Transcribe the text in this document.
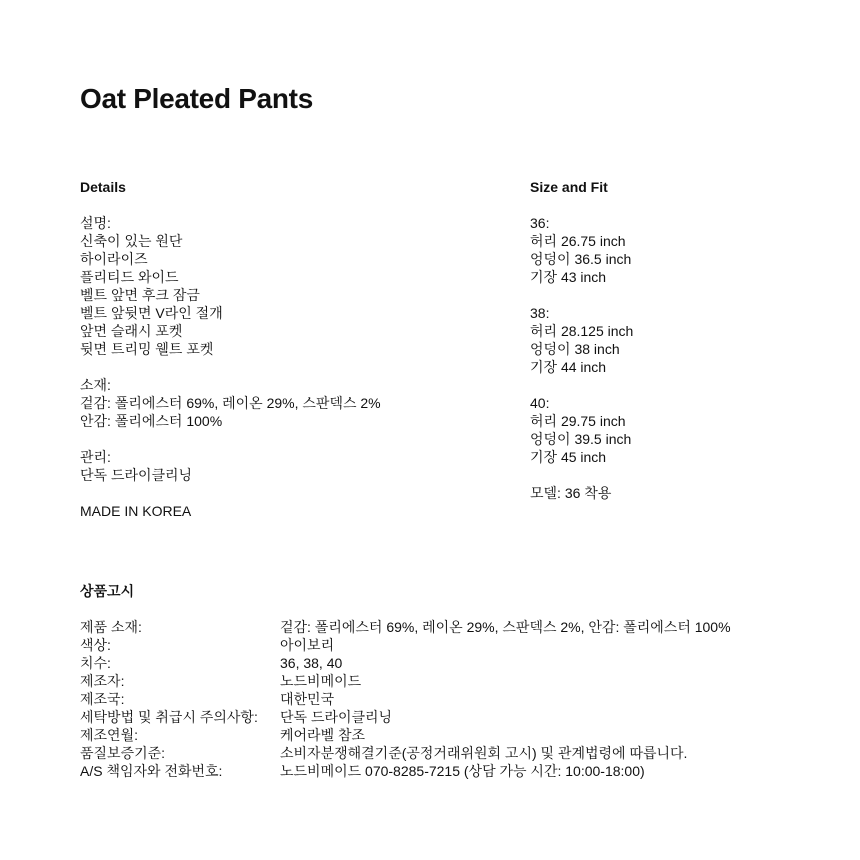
Oat Pleated Pants
Details
설명:
신축이 있는 원단
하이라이즈
플리티드 와이드
벨트 앞면 후크 잠금
벨트 앞뒷면 V라인 절개
앞면 슬래시 포켓
뒷면 트리밍 웰트 포켓
소재:
겉감: 폴리에스터 69%, 레이온 29%, 스판덱스 2%
안감: 폴리에스터 100%
관리:
단독 드라이클리닝
MADE IN KOREA
Size and Fit
36:
허리 26.75 inch
엉덩이 36.5 inch
기장 43 inch
38:
허리 28.125 inch
엉덩이 38 inch
기장 44 inch
40:
허리 29.75 inch
엉덩이 39.5 inch
기장 45 inch
모델: 36 착용
상품고시
제품 소재:	겉감: 폴리에스터 69%, 레이온 29%, 스판덱스 2%, 안감: 폴리에스터 100%
색상:	아이보리
치수:	36, 38, 40
제조자:	노드비메이드
제조국:	대한민국
세탁방법 및 취급시 주의사항:	단독 드라이클리닝
제조연월:	케어라벨 참조
품질보증기준:	소비자분쟁해결기준(공정거래위원회 고시) 및 관계법령에 따릅니다.
A/S 책임자와 전화번호:	노드비메이드 070-8285-7215 (상담 가능 시간: 10:00-18:00)
